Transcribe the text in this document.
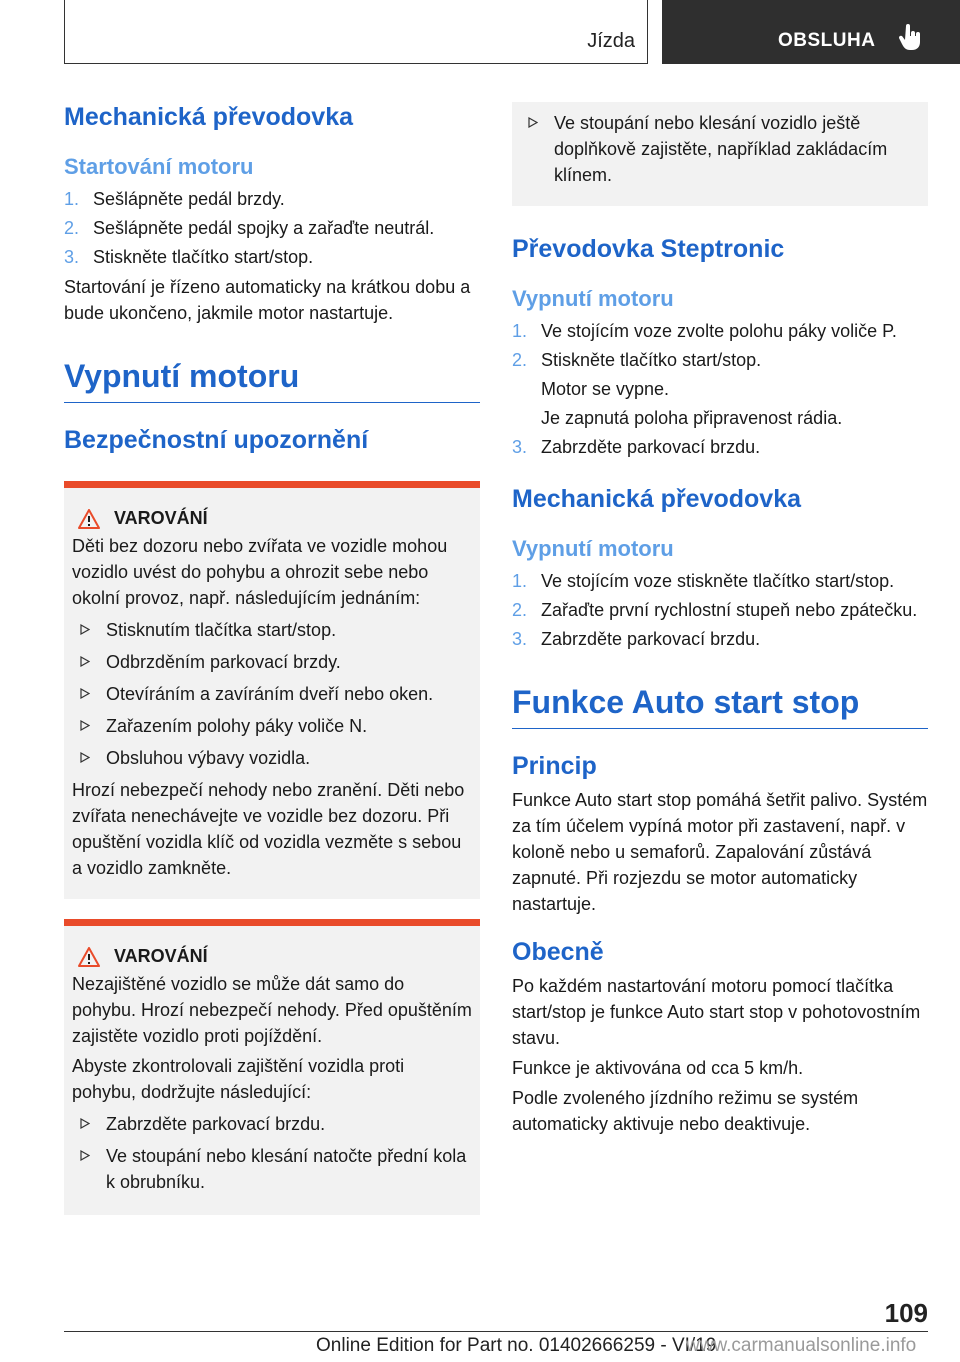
Jízda	OBSLUHA
Mechanická převodovka
Startování motoru
1. Sešlápněte pedál brzdy.
2. Sešlápněte pedál spojky a zařaďte neutrál.
3. Stiskněte tlačítko start/stop.

Startování je řízeno automaticky na krátkou dobu a bude ukončeno, jakmile motor nastartuje.

Vypnutí motoru
Bezpečnostní upozornění
VAROVÁNÍ

Děti bez dozoru nebo zvířata ve vozidle mohou vozidlo uvést do pohybu a ohrozit sebe nebo okolní provoz, např. následujícím jednáním:

Stisknutím tlačítka start/stop.
Odbrzděním parkovací brzdy.
Otevíráním a zavíráním dveří nebo oken.
Zařazením polohy páky voliče N.
Obsluhou výbavy vozidla.

Hrozí nebezpečí nehody nebo zranění. Děti nebo zvířata nenechávejte ve vozidle bez dozoru. Při opuštění vozidla klíč od vozidla vezměte s sebou a vozidlo zamkněte.

VAROVÁNÍ

Nezajištěné vozidlo se může dát samo do pohybu. Hrozí nebezpečí nehody. Před opuštěním zajistěte vozidlo proti pojíždění.

Abyste zkontrolovali zajištění vozidla proti pohybu, dodržujte následující:

Zabrzděte parkovací brzdu.
Ve stoupání nebo klesání natočte přední kola k obrubníku.
Ve stoupání nebo klesání vozidlo ještě doplňkově zajistěte, například zakládacím klínem.
Převodovka Steptronic
Vypnutí motoru
1. Ve stojícím voze zvolte polohu páky voliče P.
2. Stiskněte tlačítko start/stop.
Motor se vypne.
Je zapnutá poloha připravenost rádia.
3. Zabrzděte parkovací brzdu.
Mechanická převodovka
Vypnutí motoru
1. Ve stojícím voze stiskněte tlačítko start/stop.
2. Zařaďte první rychlostní stupeň nebo zpátečku.
3. Zabrzděte parkovací brzdu.
Funkce Auto start stop
Princip

Funkce Auto start stop pomáhá šetřit palivo. Systém za tím účelem vypíná motor při zastavení, např. v koloně nebo u semaforů. Zapalování zůstává zapnuté. Při rozjezdu se motor automaticky nastartuje.

Obecně

Po každém nastartování motoru pomocí tlačítka start/stop je funkce Auto start stop v pohotovostním stavu.

Funkce je aktivována od cca 5 km/h.

Podle zvoleného jízdního režimu se systém automaticky aktivuje nebo deaktivuje.

109
Online Edition for Part no. 01402666259 - VI/19
www.carmanualsonline.info
